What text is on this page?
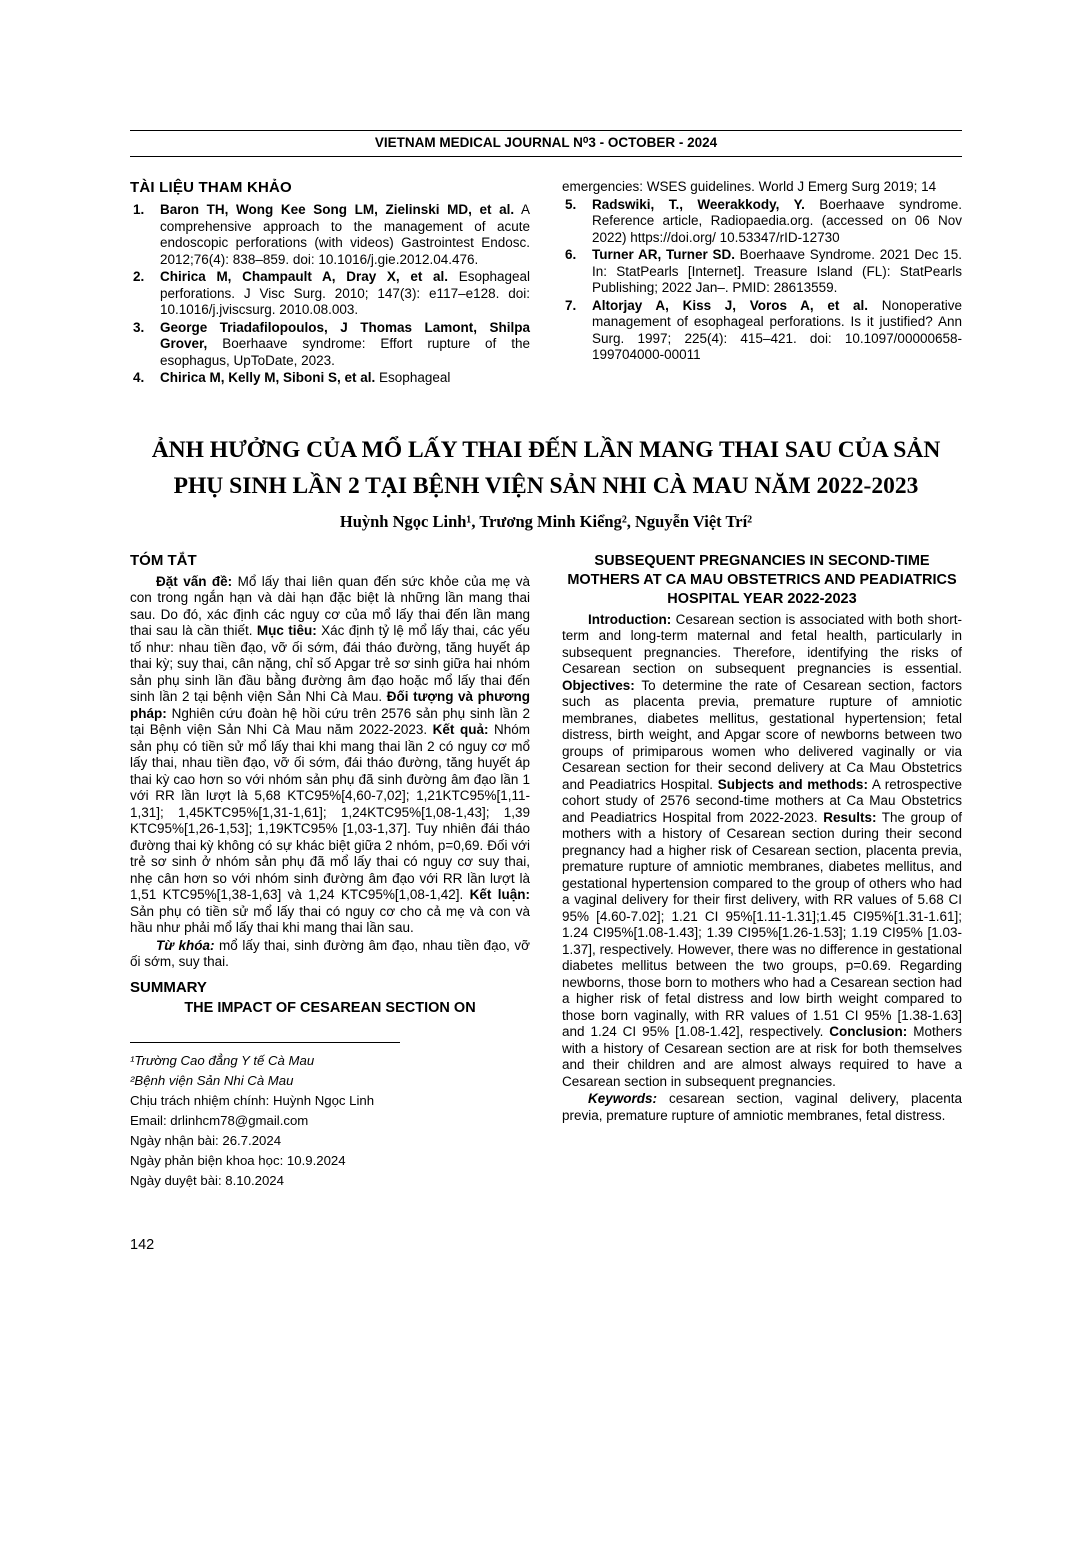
VIETNAM MEDICAL JOURNAL N⁰3 - OCTOBER - 2024
TÀI LIỆU THAM KHẢO
1. Baron TH, Wong Kee Song LM, Zielinski MD, et al. A comprehensive approach to the management of acute endoscopic perforations (with videos) Gastrointest Endosc. 2012;76(4): 838–859. doi: 10.1016/j.gie.2012.04.476.
2. Chirica M, Champault A, Dray X, et al. Esophageal perforations. J Visc Surg. 2010; 147(3): e117–e128. doi: 10.1016/j.jviscsurg. 2010.08.003.
3. George Triadafilopoulos, J Thomas Lamont, Shilpa Grover, Boerhaave syndrome: Effort rupture of the esophagus, UpToDate, 2023.
4. Chirica M, Kelly M, Siboni S, et al. Esophageal
emergencies: WSES guidelines. World J Emerg Surg 2019; 14
5. Radswiki, T., Weerakkody, Y. Boerhaave syndrome. Reference article, Radiopaedia.org. (accessed on 06 Nov 2022) https://doi.org/ 10.53347/rID-12730
6. Turner AR, Turner SD. Boerhaave Syndrome. 2021 Dec 15. In: StatPearls [Internet]. Treasure Island (FL): StatPearls Publishing; 2022 Jan–. PMID: 28613559.
7. Altorjay A, Kiss J, Voros A, et al. Nonoperative management of esophageal perforations. Is it justified? Ann Surg. 1997; 225(4): 415–421. doi: 10.1097/00000658-199704000-00011
ẢNH HƯỞNG CỦA MỔ LẤY THAI ĐẾN LẦN MANG THAI SAU CỦA SẢN
PHỤ SINH LẦN 2 TẠI BỆNH VIỆN SẢN NHI CÀ MAU NĂM 2022-2023
Huỳnh Ngọc Linh¹, Trương Minh Kiểng², Nguyễn Việt Trí²
TÓM TẮT

Đặt vấn đề: Mổ lấy thai liên quan đến sức khỏe của mẹ và con trong ngắn hạn và dài hạn đặc biệt là những lần mang thai sau. Do đó, xác định các nguy cơ của mổ lấy thai đến lần mang thai sau là cần thiết. Mục tiêu: Xác định tỷ lệ mổ lấy thai, các yếu tố như: nhau tiền đạo, vỡ ối sớm, đái tháo đường, tăng huyết áp thai kỳ; suy thai, cân nặng, chỉ số Apgar trẻ sơ sinh giữa hai nhóm sản phụ sinh lần đầu bằng đường âm đạo hoặc mổ lấy thai đến sinh lần 2 tại bệnh viện Sản Nhi Cà Mau. Đối tượng và phương pháp: Nghiên cứu đoàn hệ hồi cứu trên 2576 sản phụ sinh lần 2 tại Bệnh viện Sản Nhi Cà Mau năm 2022-2023. Kết quả: Nhóm sản phụ có tiền sử mổ lấy thai khi mang thai lần 2 có nguy cơ mổ lấy thai, nhau tiền đạo, vỡ ối sớm, đái tháo đường, tăng huyết áp thai kỳ cao hơn so với nhóm sản phụ đã sinh đường âm đạo lần 1 với RR lần lượt là 5,68 KTC95%[4,60-7,02]; 1,21KTC95%[1,11-1,31]; 1,45KTC95%[1,31-1,61]; 1,24KTC95%[1,08-1,43]; 1,39 KTC95%[1,26-1,53]; 1,19KTC95% [1,03-1,37]. Tuy nhiên đái tháo đường thai kỳ không có sự khác biệt giữa 2 nhóm, p=0,69. Đối với trẻ sơ sinh ở nhóm sản phụ đã mổ lấy thai có nguy cơ suy thai, nhẹ cân hơn so với nhóm sinh đường âm đạo với RR lần lượt là 1,51 KTC95%[1,38-1,63] và 1,24 KTC95%[1,08-1,42]. Kết luận: Sản phụ có tiền sử mổ lấy thai có nguy cơ cho cả mẹ và con và hầu như phải mổ lấy thai khi mang thai lần sau.

Từ khóa: mổ lấy thai, sinh đường âm đạo, nhau tiền đạo, vỡ ối sớm, suy thai.

SUMMARY
THE IMPACT OF CESAREAN SECTION ON
¹Trường Cao đẳng Y tế Cà Mau
²Bệnh viện Sản Nhi Cà Mau
Chịu trách nhiệm chính: Huỳnh Ngọc Linh
Email: drlinhcm78@gmail.com
Ngày nhận bài: 26.7.2024
Ngày phản biện khoa học: 10.9.2024
Ngày duyệt bài: 8.10.2024
SUBSEQUENT PREGNANCIES IN SECOND-TIME MOTHERS AT CA MAU OBSTETRICS AND PEADIATRICS HOSPITAL YEAR 2022-2023

Introduction: Cesarean section is associated with both short-term and long-term maternal and fetal health, particularly in subsequent pregnancies. Therefore, identifying the risks of Cesarean section on subsequent pregnancies is essential. Objectives: To determine the rate of Cesarean section, factors such as placenta previa, premature rupture of amniotic membranes, diabetes mellitus, gestational hypertension; fetal distress, birth weight, and Apgar score of newborns between two groups of primiparous women who delivered vaginally or via Cesarean section for their second delivery at Ca Mau Obstetrics and Peadiatrics Hospital. Subjects and methods: A retrospective cohort study of 2576 second-time mothers at Ca Mau Obstetrics and Peadiatrics Hospital from 2022-2023. Results: The group of mothers with a history of Cesarean section during their second pregnancy had a higher risk of Cesarean section, placenta previa, premature rupture of amniotic membranes, diabetes mellitus, and gestational hypertension compared to the group of others who had a vaginal delivery for their first delivery, with RR values of 5.68 CI 95% [4.60-7.02]; 1.21 CI 95%[1.11-1.31];1.45 CI95%[1.31-1.61]; 1.24 CI95%[1.08-1.43]; 1.39 CI95%[1.26-1.53]; 1.19 CI95% [1.03-1.37], respectively. However, there was no difference in gestational diabetes mellitus between the two groups, p=0.69. Regarding newborns, those born to mothers who had a Cesarean section had a higher risk of fetal distress and low birth weight compared to those born vaginally, with RR values of 1.51 CI 95% [1.38-1.63] and 1.24 CI 95% [1.08-1.42], respectively. Conclusion: Mothers with a history of Cesarean section are at risk for both themselves and their children and are almost always required to have a Cesarean section in subsequent pregnancies.

Keywords: cesarean section, vaginal delivery, placenta previa, premature rupture of amniotic membranes, fetal distress.

142
